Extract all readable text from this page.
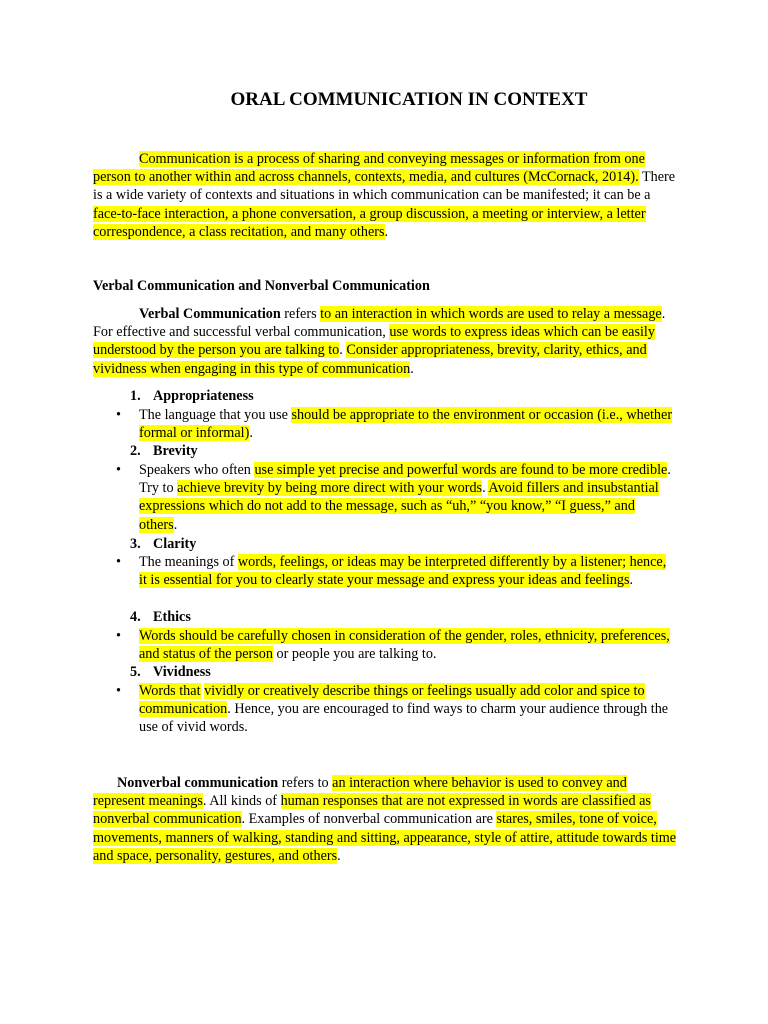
ORAL COMMUNICATION IN CONTEXT

Communication is a process of sharing and conveying messages or information from one person to another within and across channels, contexts, media, and cultures (McCornack, 2014). There is a wide variety of contexts and situations in which communication can be manifested; it can be a face-to-face interaction, a phone conversation, a group discussion, a meeting or interview, a letter correspondence, a class recitation, and many others.

Verbal Communication and Nonverbal Communication

Verbal Communication refers to an interaction in which words are used to relay a message. For effective and successful verbal communication, use words to express ideas which can be easily understood by the person you are talking to. Consider appropriateness, brevity, clarity, ethics, and vividness when engaging in this type of communication.

1. Appropriateness
•	The language that you use should be appropriate to the environment or occasion (i.e., whether formal or informal).
2. Brevity
•	Speakers who often use simple yet precise and powerful words are found to be more credible. Try to achieve brevity by being more direct with your words. Avoid fillers and insubstantial expressions which do not add to the message, such as “uh,” “you know,” “I guess,” and others.
3. Clarity
•	The meanings of words, feelings, or ideas may be interpreted differently by a listener; hence, it is essential for you to clearly state your message and express your ideas and feelings.
4. Ethics
•	Words should be carefully chosen in consideration of the gender, roles, ethnicity, preferences, and status of the person or people you are talking to.
5. Vividness
•	Words that vividly or creatively describe things or feelings usually add color and spice to communication. Hence, you are encouraged to find ways to charm your audience through the use of vivid words.

Nonverbal communication refers to an interaction where behavior is used to convey and represent meanings. All kinds of human responses that are not expressed in words are classified as nonverbal communication. Examples of nonverbal communication are stares, smiles, tone of voice, movements, manners of walking, standing and sitting, appearance, style of attire, attitude towards time and space, personality, gestures, and others.
